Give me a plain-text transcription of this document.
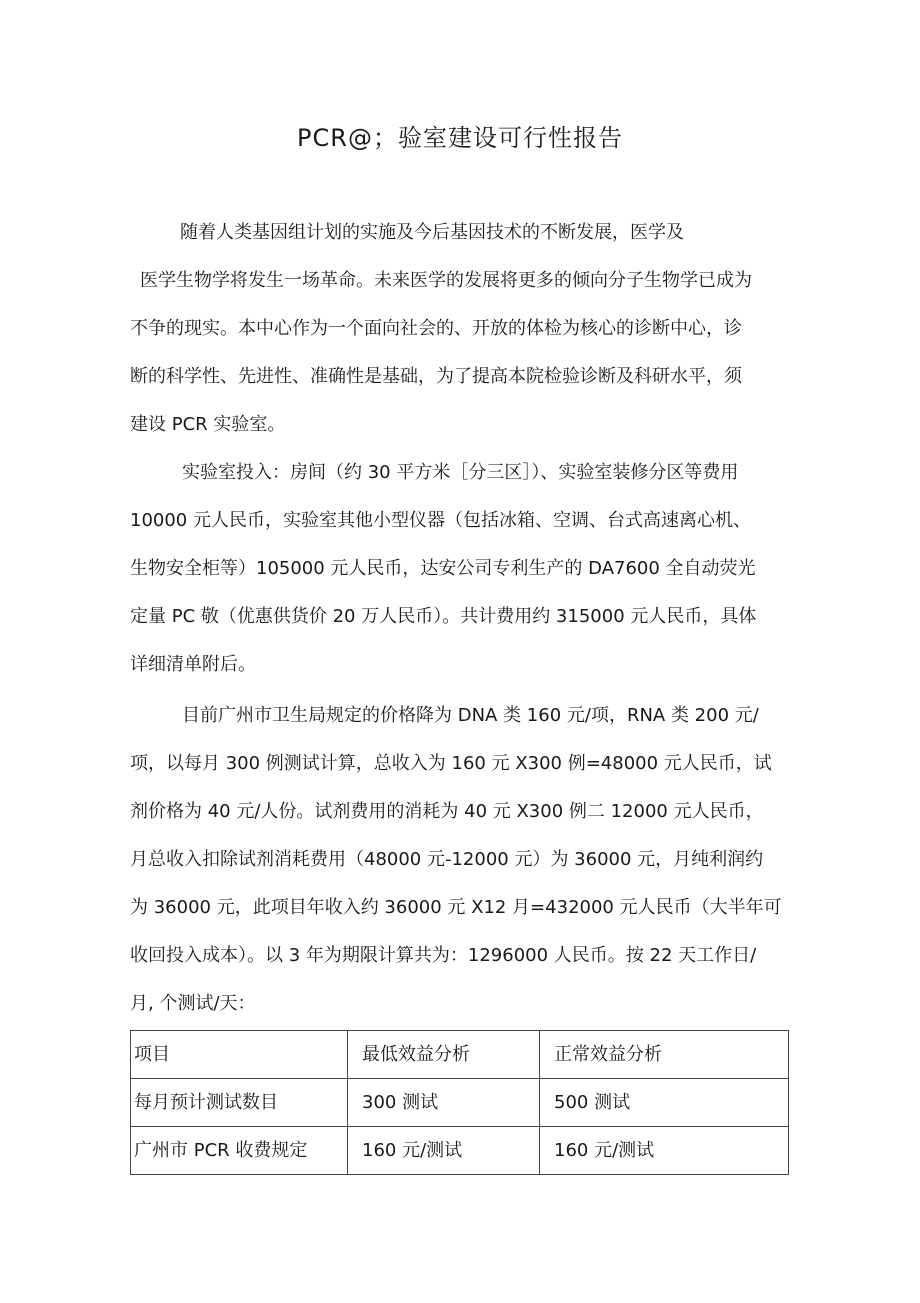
PCR@；验室建设可行性报告
随着人类基因组计划的实施及今后基因技术的不断发展，医学及
医学生物学将发生一场革命。未来医学的发展将更多的倾向分子生物学已成为
不争的现实。本中心作为一个面向社会的、开放的体检为核心的诊断中心，诊
断的科学性、先进性、准确性是基础，为了提高本院检验诊断及科研水平，须
建设 PCR 实验室。
实验室投入：房间（约 30 平方米［分三区］）、实验室装修分区等费用
10000 元人民币，实验室其他小型仪器（包括冰箱、空调、台式高速离心机、
生物安全柜等）105000 元人民币，达安公司专利生产的 DA7600 全自动荧光
定量 PC 敬（优惠供货价 20 万人民币）。共计费用约 315000 元人民币，具体
详细清单附后。
目前广州市卫生局规定的价格降为 DNA 类 160 元/项，RNA 类 200 元/
项，以每月 300 例测试计算，总收入为 160 元 X300 例=48000 元人民币，试
剂价格为 40 元/人份。试剂费用的消耗为 40 元 X300 例二 12000 元人民币，
月总收入扣除试剂消耗费用（48000 元-12000 元）为 36000 元，月纯利润约
为 36000 元，此项目年收入约 36000 元 X12 月=432000 元人民币（大半年可
收回投入成本）。以 3 年为期限计算共为：1296000 人民币。按 22 天工作日/
月, 个测试/天：
项目	最低效益分析	正常效益分析
每月预计测试数目	300 测试	500 测试
广州市 PCR 收费规定	160 元/测试	160 元/测试
